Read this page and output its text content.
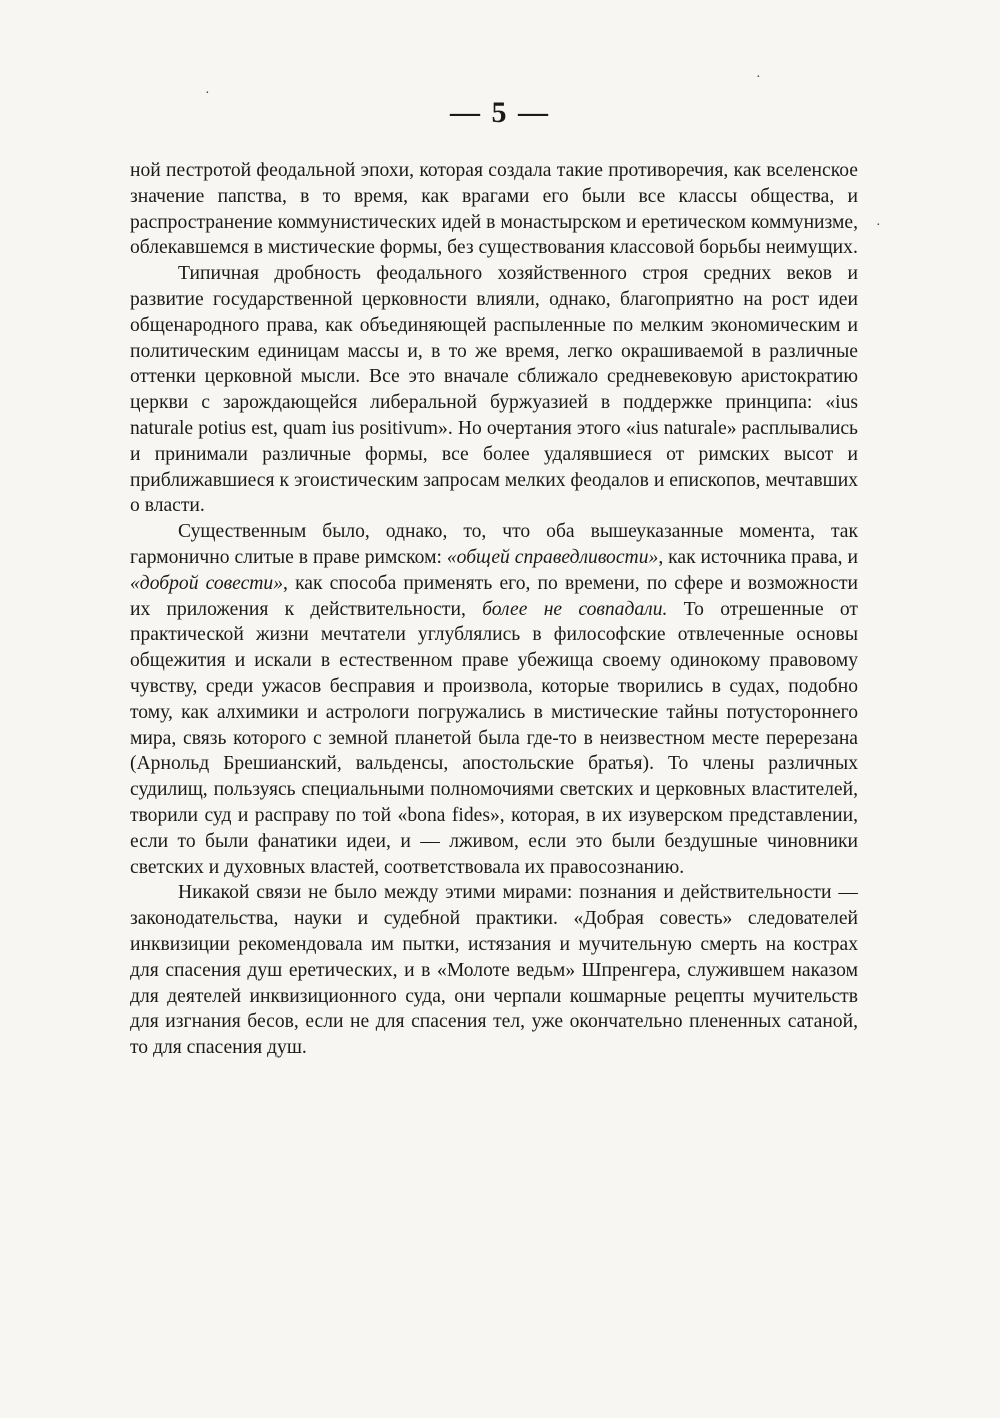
— 5 —

ной пестротой феодальной эпохи, которая создала такие противоречия, как вселенское значение папства, в то время, как врагами его были все классы общества, и распространение коммунистических идей в монастырском и еретическом коммунизме, облекавшемся в мистические формы, без существования классовой борьбы неимущих.

Типичная дробность феодального хозяйственного строя средних веков и развитие государственной церковности влияли, однако, благоприятно на рост идеи общенародного права, как объединяющей распыленные по мелким экономическим и политическим единицам массы и, в то же время, легко окрашиваемой в различные оттенки церковной мысли. Все это вначале сближало средневековую аристократию церкви с зарождающейся либеральной буржуазией в поддержке принципа: «ius naturale potius est, quam ius positivum». Но очертания этого «ius naturale» расплывались и принимали различные формы, все более удалявшиеся от римских высот и приближавшиеся к эгоистическим запросам мелких феодалов и епископов, мечтавших о власти.

Существенным было, однако, то, что оба вышеуказанные момента, так гармонично слитые в праве римском: «общей справедливости», как источника права, и «доброй совести», как способа применять его, по времени, по сфере и возможности их приложения к действительности, более не совпадали. То отрешенные от практической жизни мечтатели углублялись в философские отвлеченные основы общежития и искали в естественном праве убежища своему одинокому правовому чувству, среди ужасов бесправия и произвола, которые творились в судах, подобно тому, как алхимики и астрологи погружались в мистические тайны потустороннего мира, связь которого с земной планетой была где-то в неизвестном месте перерезана (Арнольд Брешианский, вальденсы, апостольские братья). То члены различных судилищ, пользуясь специальными полномочиями светских и церковных властителей, творили суд и расправу по той «bona fides», которая, в их изуверском представлении, если то были фанатики идеи, и — лживом, если это были бездушные чиновники светских и духовных властей, соответствовала их правосознанию.

Никакой связи не было между этими мирами: познания и действительности — законодательства, науки и судебной практики. «Добрая совесть» следователей инквизиции рекомендовала им пытки, истязания и мучительную смерть на кострах для спасения душ еретических, и в «Молоте ведьм» Шпренгера, служившем наказом для деятелей инквизиционного суда, они черпали кошмарные рецепты мучительств для изгнания бесов, если не для спасения тел, уже окончательно плененных сатаной, то для спасения душ.

·
·
·
